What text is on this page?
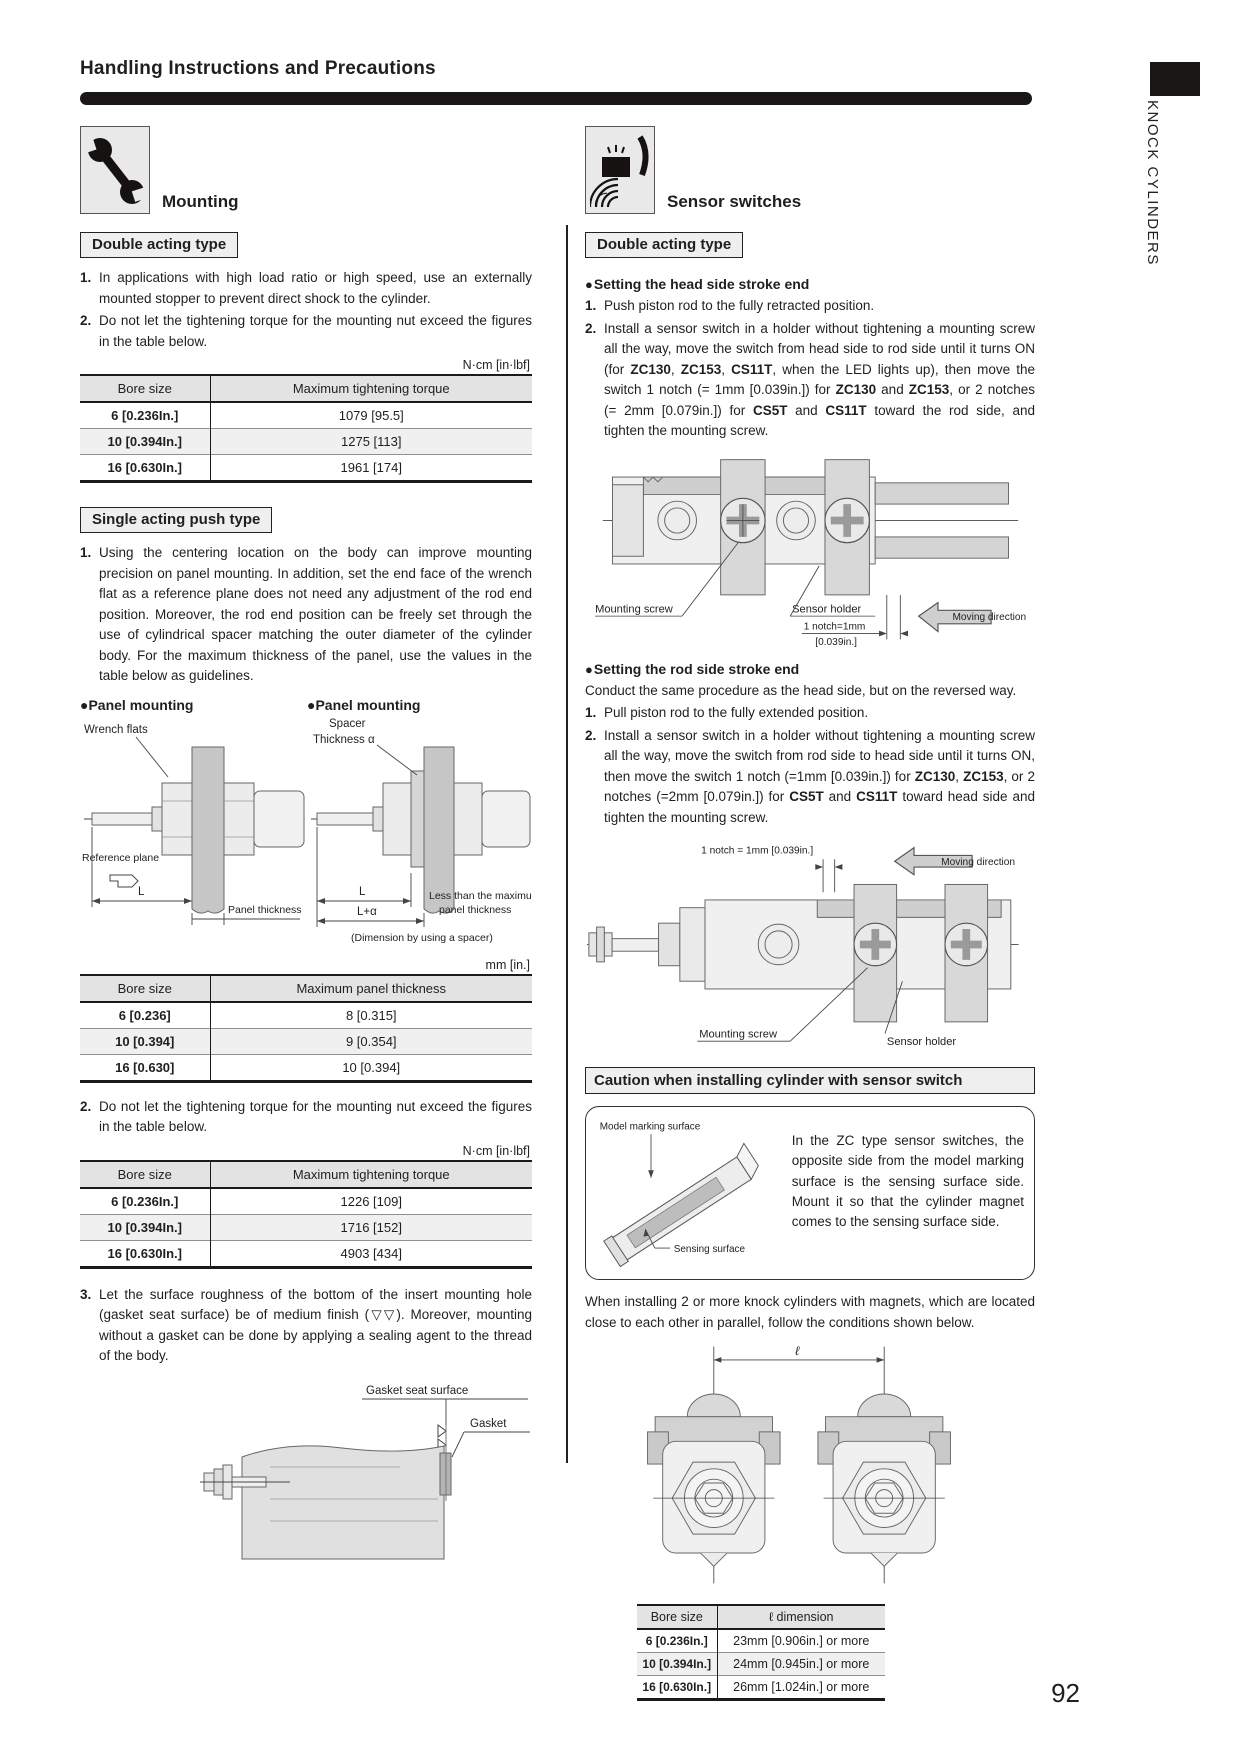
Handling Instructions and Precautions
KNOCK CYLINDERS
Mounting
Double acting type
1. In applications with high load ratio or high speed, use an externally mounted stopper to prevent direct shock to the cylinder.
2. Do not let the tightening torque for the mounting nut exceed the figures in the table below.
N·cm [in·lbf]
Bore size	Maximum tightening torque
6 [0.236In.]	1079 [95.5]
10 [0.394In.]	1275 [113]
16 [0.630In.]	1961 [174]
Single acting push type
1. Using the centering location on the body can improve mounting precision on panel mounting. In addition, set the end face of the wrench flat as a reference plane does not need any adjustment of the rod end position. Moreover, the rod end position can be freely set through the use of cylindrical spacer matching the outer diameter of the cylinder body. For the maximum thickness of the panel, use the values in the table below as guidelines.
●Panel mounting
Wrench flats
Reference plane
L
Panel thickness
●Panel mounting
Spacer
Thickness α
L
L+α
Less than the maximum
panel thickness
(Dimension by using a spacer)
mm [in.]
Bore size	Maximum panel thickness
6 [0.236]	8 [0.315]
10 [0.394]	9 [0.354]
16 [0.630]	10 [0.394]
2. Do not let the tightening torque for the mounting nut exceed the figures in the table below.
N·cm [in·lbf]
Bore size	Maximum tightening torque
6 [0.236In.]	1226 [109]
10 [0.394In.]	1716 [152]
16 [0.630In.]	4903 [434]
3. Let the surface roughness of the bottom of the insert mounting hole (gasket seat surface) be of medium finish (▽▽). Moreover, mounting without a gasket can be done by applying a sealing agent to the thread of the body.
Gasket seat surface
Gasket
Sensor switches
Double acting type
●Setting the head side stroke end
1. Push piston rod to the fully retracted position.
2. Install a sensor switch in a holder without tightening a mounting screw all the way, move the switch from head side to rod side until it turns ON (for ZC130, ZC153, CS11T, when the LED lights up), then move the switch 1 notch (= 1mm [0.039in.]) for ZC130 and ZC153, or 2 notches (= 2mm [0.079in.]) for CS5T and CS11T toward the rod side, and tighten the mounting screw.
Mounting screw	Sensor holder
1 notch=1mm
[0.039in.]
Moving direction
●Setting the rod side stroke end
Conduct the same procedure as the head side, but on the reversed way.
1. Pull piston rod to the fully extended position.
2. Install a sensor switch in a holder without tightening a mounting screw all the way, move the switch from rod side to head side until it turns ON, then move the switch 1 notch (=1mm [0.039in.]) for ZC130, ZC153, or 2 notches (=2mm [0.079in.]) for CS5T and CS11T toward head side and tighten the mounting screw.
1 notch = 1mm [0.039in.]
Moving direction
Mounting screw
Sensor holder
Caution when installing cylinder with sensor switch
Model marking surface
Sensing surface
In the ZC type sensor switches, the opposite side from the model marking surface is the sensing surface side. Mount it so that the cylinder magnet comes to the sensing surface side.
When installing 2 or more knock cylinders with magnets, which are located close to each other in parallel, follow the conditions shown below.
ℓ
Bore size	ℓ dimension
6 [0.236In.]	23mm [0.906in.] or more
10 [0.394In.]	24mm [0.945in.] or more
16 [0.630In.]	26mm [1.024in.] or more	92
